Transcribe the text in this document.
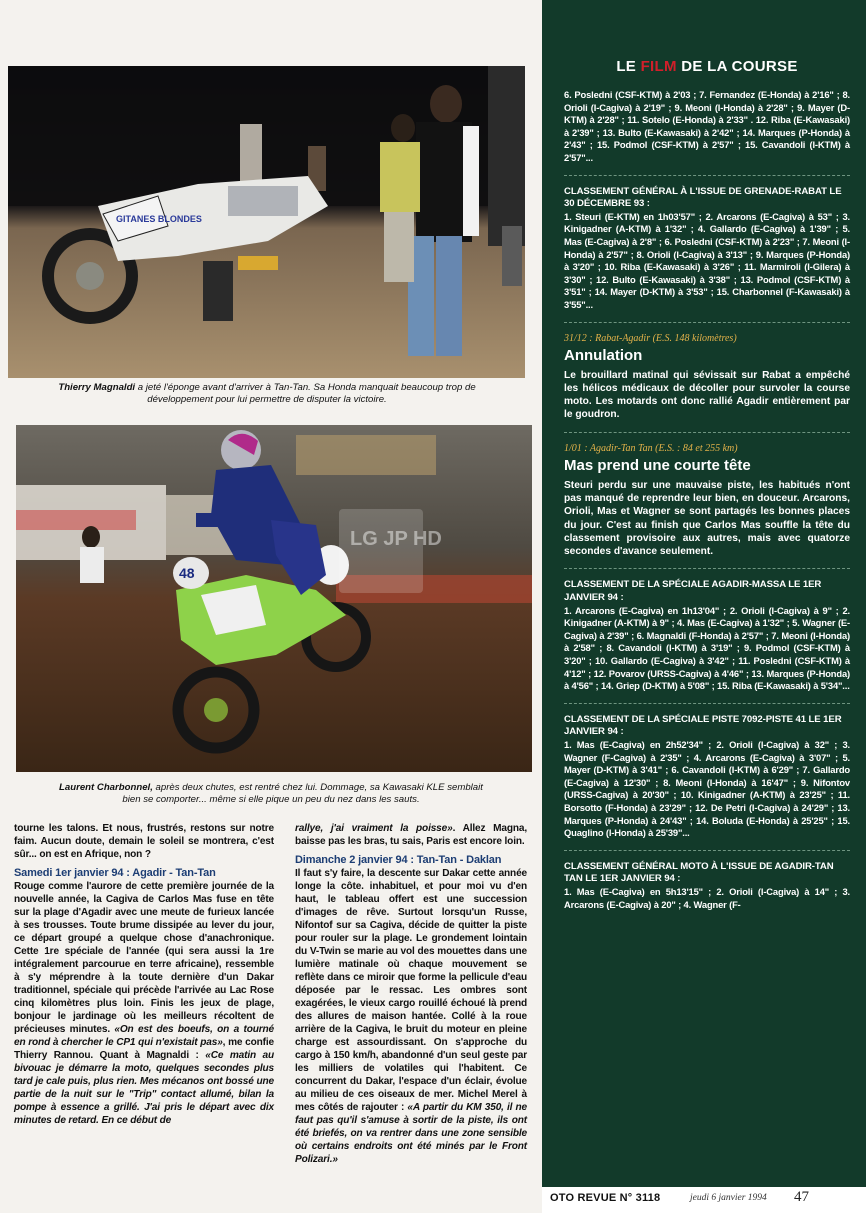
GITANES BLONDES
Thierry Magnaldi a jeté l'éponge avant d'arriver à Tan-Tan. Sa Honda manquait beaucoup trop de développement pour lui permettre de disputer la victoire.
48
LG JP HD
Laurent Charbonnel, après deux chutes, est rentré chez lui. Dommage, sa Kawasaki KLE semblait bien se comporter... même si elle pique un peu du nez dans les sauts.

tourne les talons. Et nous, frustrés, restons sur notre faim. Aucun doute, demain le soleil se montrera, c'est sûr... on est en Afrique, non ?

Samedi 1er janvier 94 : Agadir - Tan-Tan

Rouge comme l'aurore de cette première journée de la nouvelle année, la Cagiva de Carlos Mas fuse en tête sur la plage d'Agadir avec une meute de furieux lancée à ses trousses. Toute brume dissipée au lever du jour, ce départ groupé a quelque chose d'anachronique. Cette 1re spéciale de l'année (qui sera aussi la 1re intégralement parcourue en terre africaine), ressemble à s'y méprendre à la toute dernière d'un Dakar traditionnel, spéciale qui précède l'arrivée au Lac Rose cinq kilomètres plus loin. Finis les jeux de plage, bonjour le jardinage où les meilleurs récoltent de précieuses minutes. «On est des boeufs, on a tourné en rond à chercher le CP1 qui n'existait pas», me confie Thierry Rannou. Quant à Magnaldi : «Ce matin au bivouac je démarre la moto, quelques secondes plus tard je cale puis, plus rien. Mes mécanos ont bossé une partie de la nuit sur le "Trip" contact allumé, bilan la pompe à essence a grillé. J'ai pris le départ avec dix minutes de retard. En ce début de

rallye, j'ai vraiment la poisse». Allez Magna, baisse pas les bras, tu sais, Paris est encore loin.

Dimanche 2 janvier 94 : Tan-Tan - Daklan

Il faut s'y faire, la descente sur Dakar cette année longe la côte. inhabituel, et pour moi vu d'en haut, le tableau offert est une succession d'images de rêve. Surtout lorsqu'un Russe, Nifontof sur sa Cagiva, décide de quitter la piste pour rouler sur la plage. Le grondement lointain du V-Twin se marie au vol des mouettes dans une lumière matinale où chaque mouvement se reflète dans ce miroir que forme la pellicule d'eau déposée par le ressac. Les ombres sont exagérées, le vieux cargo rouillé échoué là prend des allures de maison hantée. Collé à la roue arrière de la Cagiva, le bruit du moteur en pleine charge est assourdissant. On s'approche du cargo à 150 km/h, abandonné d'un seul geste par les milliers de volatiles qui l'habitent. Ce concurrent du Dakar, l'espace d'un éclair, évolue au milieu de ces oiseaux de mer. Michel Merel à mes côtés de rajouter : «A partir du KM 350, il ne faut pas qu'il s'amuse à sortir de la piste, ils ont été briefés, on va rentrer dans une zone sensible où certains endroits ont été minés par le Front Polizari.»

LE FILM DE LA COURSE
6. Posledni (CSF-KTM) à 2'03 ; 7. Fernandez (E-Honda) à 2'16" ; 8. Orioli (I-Cagiva) à 2'19" ; 9. Meoni (I-Honda) à 2'28" ; 9. Mayer (D-KTM) à 2'28" ; 11. Sotelo (E-Honda) à 2'33" . 12. Riba (E-Kawasaki) à 2'39" ; 13. Bulto (E-Kawasaki) à 2'42" ; 14. Marques (P-Honda) à 2'43" ; 15. Podmol (CSF-KTM) à 2'57" ; 15. Cavandoli (I-KTM) à 2'57"...
CLASSEMENT GÉNÉRAL À L'ISSUE DE GRENADE-RABAT LE 30 DÉCEMBRE 93 :
1. Steuri (E-KTM) en 1h03'57" ; 2. Arcarons (E-Cagiva) à 53" ; 3. Kinigadner (A-KTM) à 1'32" ; 4. Gallardo (E-Cagiva) à 1'39" ; 5. Mas (E-Cagiva) à 2'8" ; 6. Posledni (CSF-KTM) à 2'23" ; 7. Meoni (I-Honda) à 2'57" ; 8. Orioli (I-Cagiva) à 3'13" ; 9. Marques (P-Honda) à 3'20" ; 10. Riba (E-Kawasaki) à 3'26" ; 11. Marmiroli (I-Gilera) à 3'30" ; 12. Bulto (E-Kawasaki) à 3'38" ; 13. Podmol (CSF-KTM) à 3'51" ; 14. Mayer (D-KTM) à 3'53" ; 15. Charbonnel (F-Kawasaki) à 3'55"...
31/12 : Rabat-Agadir (E.S. 148 kilomètres)
Annulation
Le brouillard matinal qui sévissait sur Rabat a empêché les hélicos médicaux de décoller pour survoler la course moto. Les motards ont donc rallié Agadir entièrement par le goudron.
1/01 : Agadir-Tan Tan (E.S. : 84 et 255 km)
Mas prend une courte tête
Steuri perdu sur une mauvaise piste, les habitués n'ont pas manqué de reprendre leur bien, en douceur. Arcarons, Orioli, Mas et Wagner se sont partagés les bonnes places du jour. C'est au finish que Carlos Mas souffle la tête du classement provisoire aux autres, mais avec quatorze secondes d'avance seulement.
CLASSEMENT DE LA SPÉCIALE AGADIR-MASSA LE 1ER JANVIER 94 :
1. Arcarons (E-Cagiva) en 1h13'04" ; 2. Orioli (I-Cagiva) à 9" ; 2. Kinigadner (A-KTM) à 9" ; 4. Mas (E-Cagiva) à 1'32" ; 5. Wagner (E-Cagiva) à 2'39" ; 6. Magnaldi (F-Honda) à 2'57" ; 7. Meoni (I-Honda) à 2'58" ; 8. Cavandoli (I-KTM) à 3'19" ; 9. Podmol (CSF-KTM) à 3'20" ; 10. Gallardo (E-Cagiva) à 3'42" ; 11. Posledni (CSF-KTM) à 4'12" ; 12. Povarov (URSS-Cagiva) à 4'46" ; 13. Marques (P-Honda) à 4'56" ; 14. Griep (D-KTM) à 5'08" ; 15. Riba (E-Kawasaki) à 5'34"...
CLASSEMENT DE LA SPÉCIALE PISTE 7092-PISTE 41 LE 1ER JANVIER 94 :
1. Mas (E-Cagiva) en 2h52'34" ; 2. Orioli (I-Cagiva) à 32" ; 3. Wagner (F-Cagiva) à 2'35" ; 4. Arcarons (E-Cagiva) à 3'07" ; 5. Mayer (D-KTM) à 3'41" ; 6. Cavandoli (I-KTM) à 6'29" ; 7. Gallardo (E-Cagiva) à 12'30" ; 8. Meoni (I-Honda) à 16'47" ; 9. Nifontov (URSS-Cagiva) à 20'30" ; 10. Kinigadner (A-KTM) à 23'25" ; 11. Borsotto (F-Honda) à 23'29" ; 12. De Petri (I-Cagiva) à 24'29" ; 13. Marques (P-Honda) à 24'43" ; 14. Boluda (E-Honda) à 25'25" ; 15. Quaglino (I-Honda) à 25'39"...
CLASSEMENT GÉNÉRAL MOTO À L'ISSUE DE AGADIR-TAN TAN LE 1ER JANVIER 94 :
1. Mas (E-Cagiva) en 5h13'15" ; 2. Orioli (I-Cagiva) à 14" ; 3. Arcarons (E-Cagiva) à 20" ; 4. Wagner (F-
OTO REVUE N° 3118	jeudi 6 janvier 1994 47
